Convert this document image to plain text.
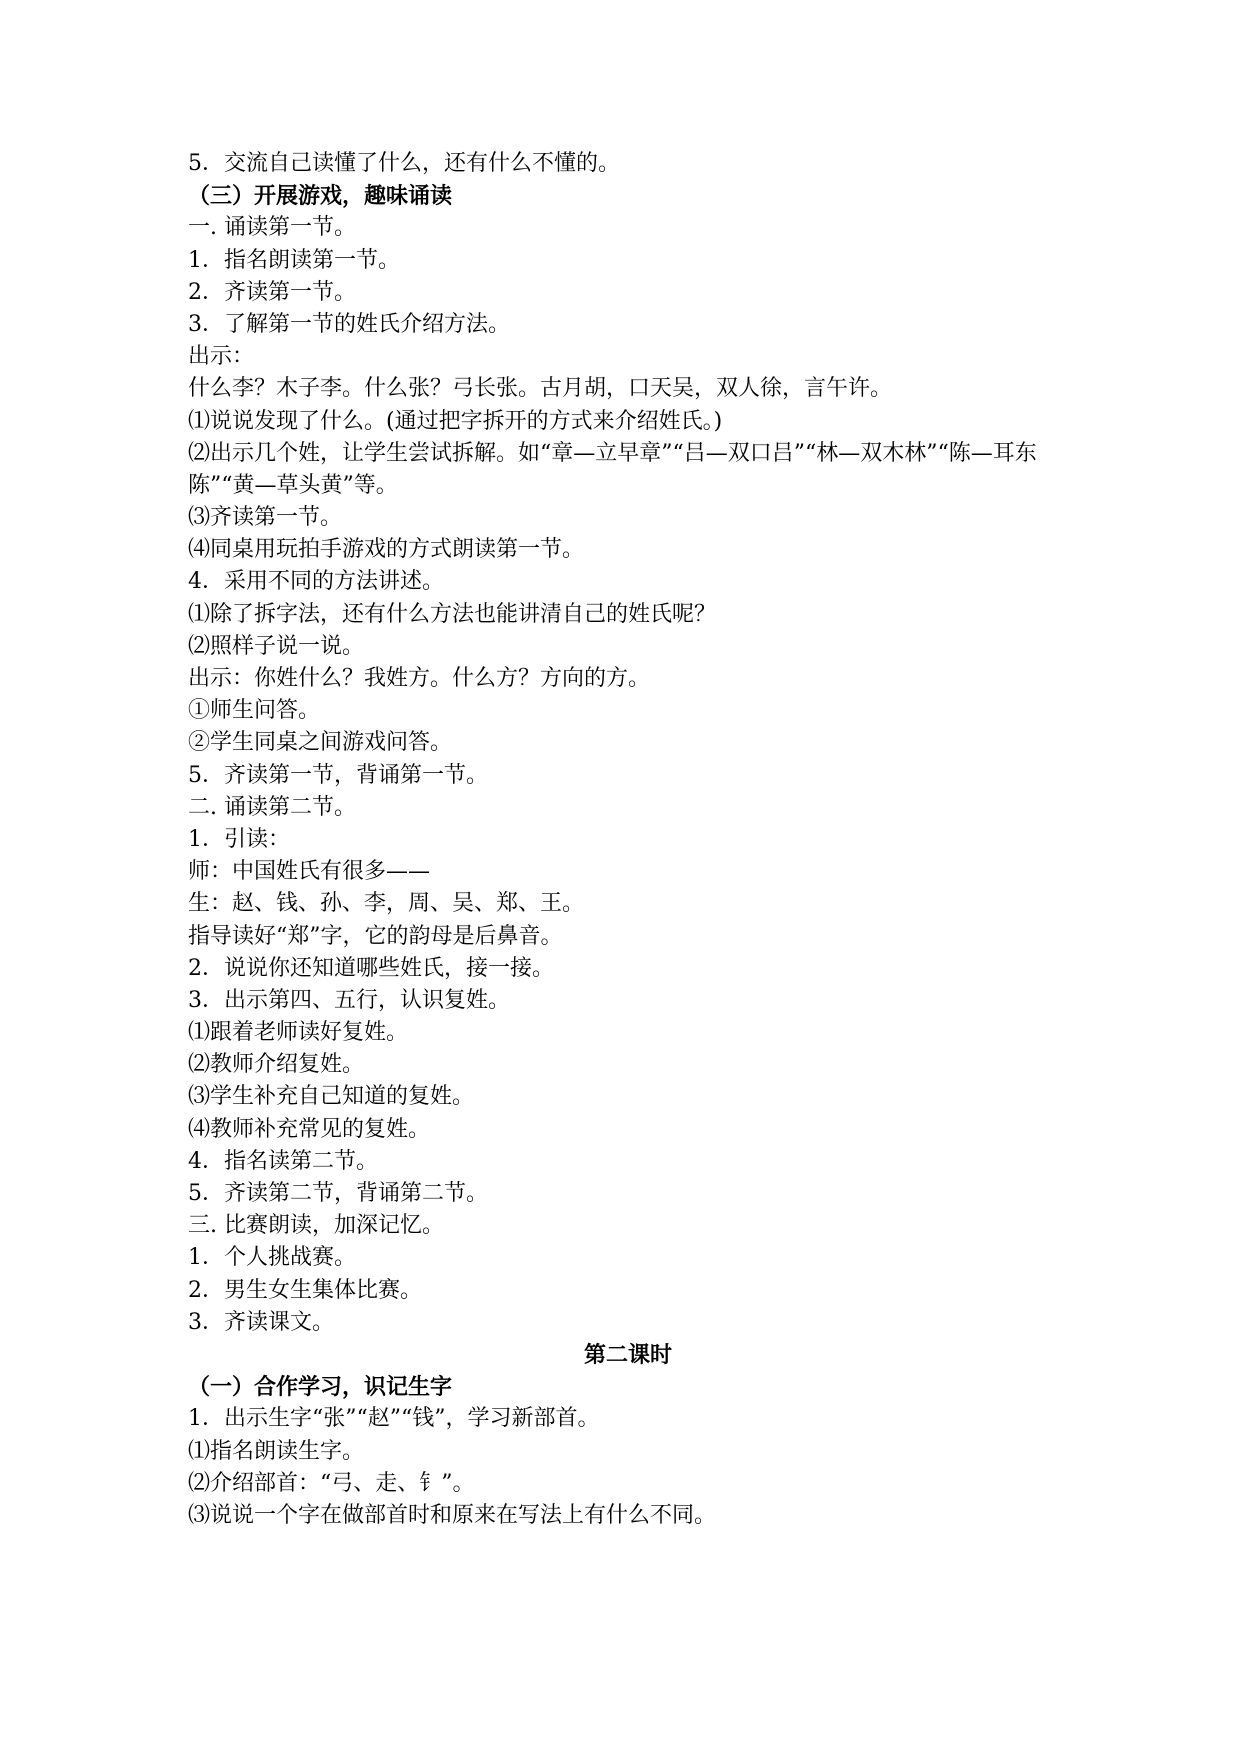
5．交流自己读懂了什么，还有什么不懂的。

（三）开展游戏，趣味诵读

一. 诵读第一节。

1．指名朗读第一节。

2．齐读第一节。

3．了解第一节的姓氏介绍方法。

出示：

什么李？木子李。什么张？弓长张。古月胡，口天吴，双人徐，言午许。

⑴说说发现了什么。(通过把字拆开的方式来介绍姓氏。)

⑵出示几个姓，让学生尝试拆解。如“章—立早章”“吕—双口吕”“林—双木林”“陈—耳东陈”“黄—草头黄”等。

⑶齐读第一节。

⑷同桌用玩拍手游戏的方式朗读第一节。

4．采用不同的方法讲述。

⑴除了拆字法，还有什么方法也能讲清自己的姓氏呢？

⑵照样子说一说。

出示：你姓什么？我姓方。什么方？方向的方。

①师生问答。

②学生同桌之间游戏问答。

5．齐读第一节，背诵第一节。

二. 诵读第二节。

1．引读：

师：中国姓氏有很多——

生：赵、钱、孙、李，周、吴、郑、王。

指导读好“郑”字，它的韵母是后鼻音。

2．说说你还知道哪些姓氏，接一接。

3．出示第四、五行，认识复姓。

⑴跟着老师读好复姓。

⑵教师介绍复姓。

⑶学生补充自己知道的复姓。

⑷教师补充常见的复姓。

4．指名读第二节。

5．齐读第二节，背诵第二节。

三. 比赛朗读，加深记忆。

1．个人挑战赛。

2．男生女生集体比赛。

3．齐读课文。

第二课时

（一）合作学习，识记生字

1．出示生字“张”“赵”“钱”，学习新部首。

⑴指名朗读生字。

⑵介绍部首：“弓、走、钅”。

⑶说说一个字在做部首时和原来在写法上有什么不同。
